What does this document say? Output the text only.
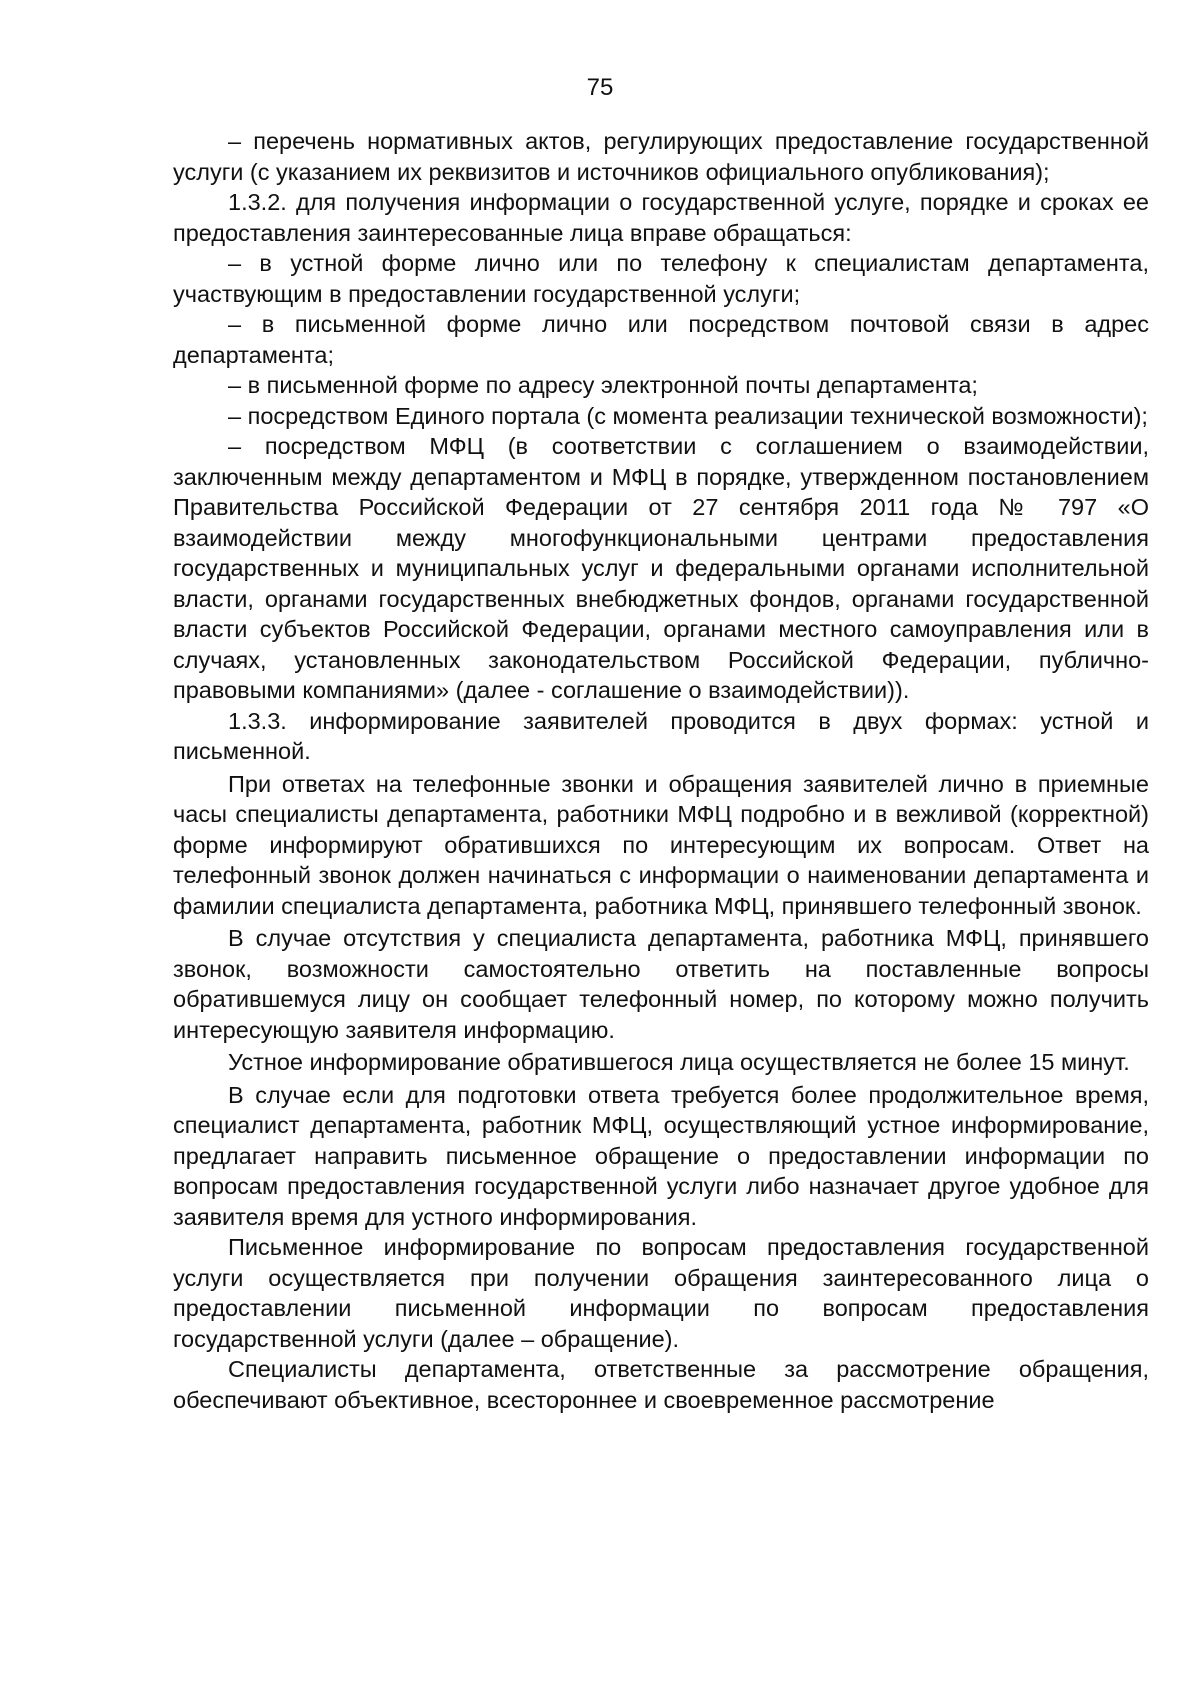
75

– перечень нормативных актов, регулирующих предоставление государственной услуги (с указанием их реквизитов и источников официального опубликования);

1.3.2. для получения информации о государственной услуге, порядке и сроках ее предоставления заинтересованные лица вправе обращаться:

– в устной форме лично или по телефону к специалистам департамента, участвующим в предоставлении государственной услуги;

– в письменной форме лично или посредством почтовой связи в адрес департамента;

– в письменной форме по адресу электронной почты департамента;

– посредством Единого портала (с момента реализации технической возможности);

– посредством МФЦ (в соответствии с соглашением о взаимодействии, заключенным между департаментом и МФЦ в порядке, утвержденном постановлением Правительства Российской Федерации от 27 сентября 2011 года № 797 «О взаимодействии между многофункциональными центрами предоставления государственных и муниципальных услуг и федеральными органами исполнительной власти, органами государственных внебюджетных фондов, органами государственной власти субъектов Российской Федерации, органами местного самоуправления или в случаях, установленных законодательством Российской Федерации, публично-правовыми компаниями» (далее - соглашение о взаимодействии)).

1.3.3. информирование заявителей проводится в двух формах: устной и письменной.

При ответах на телефонные звонки и обращения заявителей лично в приемные часы специалисты департамента, работники МФЦ подробно и в вежливой (корректной) форме информируют обратившихся по интересующим их вопросам. Ответ на телефонный звонок должен начинаться с информации о наименовании департамента и фамилии специалиста департамента, работника МФЦ, принявшего телефонный звонок.

В случае отсутствия у специалиста департамента, работника МФЦ, принявшего звонок, возможности самостоятельно ответить на поставленные вопросы обратившемуся лицу он сообщает телефонный номер, по которому можно получить интересующую заявителя информацию.

Устное информирование обратившегося лица осуществляется не более 15 минут.

В случае если для подготовки ответа требуется более продолжительное время, специалист департамента, работник МФЦ, осуществляющий устное информирование, предлагает направить письменное обращение о предоставлении информации по вопросам предоставления государственной услуги либо назначает другое удобное для заявителя время для устного информирования.

Письменное информирование по вопросам предоставления государственной услуги осуществляется при получении обращения заинтересованного лица о предоставлении письменной информации по вопросам предоставления государственной услуги (далее – обращение).

Специалисты департамента, ответственные за рассмотрение обращения, обеспечивают объективное, всестороннее и своевременное рассмотрение
